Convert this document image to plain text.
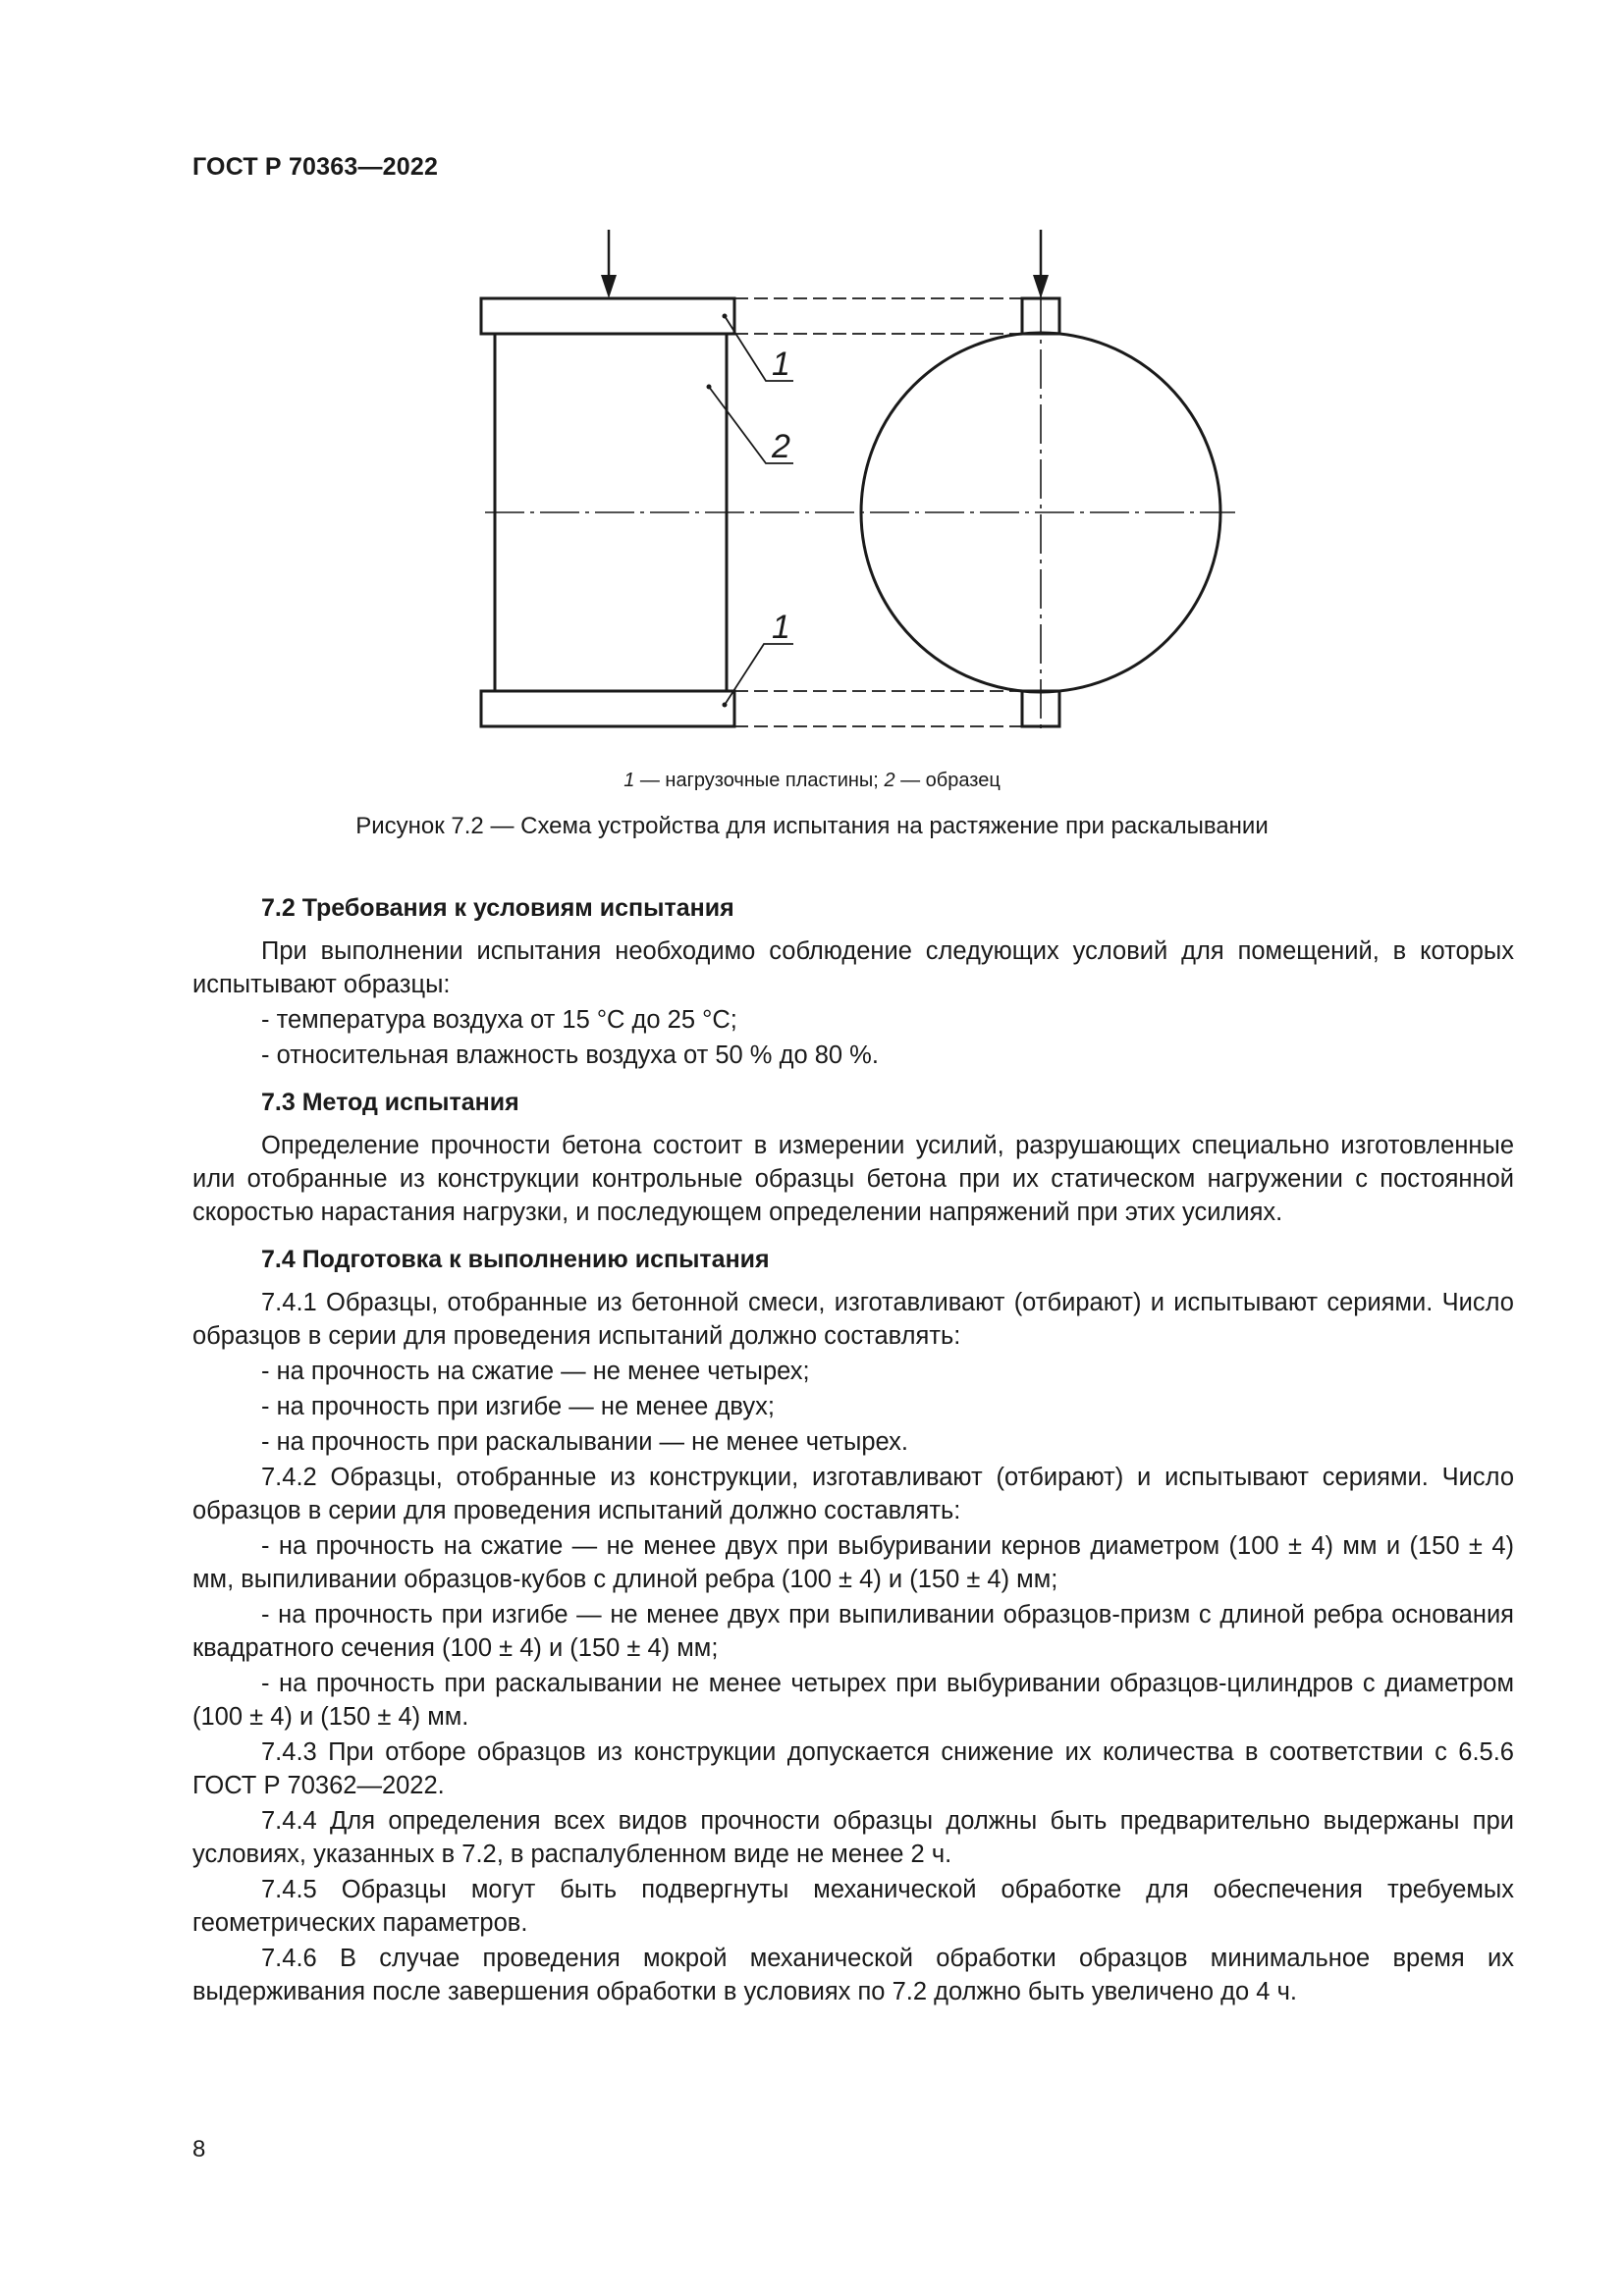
ГОСТ Р 70363—2022
1
2
1
1 — нагрузочные пластины; 2 — образец
Рисунок 7.2 — Схема устройства для испытания на растяжение при раскалывании
7.2 Требования к условиям испытания

При выполнении испытания необходимо соблюдение следующих условий для помещений, в которых испытывают образцы:

- температура воздуха от 15 °С до 25 °С;

- относительная влажность воздуха от 50 % до 80 %.

7.3 Метод испытания

Определение прочности бетона состоит в измерении усилий, разрушающих специально изготовленные или отобранные из конструкции контрольные образцы бетона при их статическом нагружении с постоянной скоростью нарастания нагрузки, и последующем определении напряжений при этих усилиях.

7.4 Подготовка к выполнению испытания

7.4.1 Образцы, отобранные из бетонной смеси, изготавливают (отбирают) и испытывают сериями. Число образцов в серии для проведения испытаний должно составлять:

- на прочность на сжатие — не менее четырех;

- на прочность при изгибе — не менее двух;

- на прочность при раскалывании — не менее четырех.

7.4.2 Образцы, отобранные из конструкции, изготавливают (отбирают) и испытывают сериями. Число образцов в серии для проведения испытаний должно составлять:

- на прочность на сжатие — не менее двух при выбуривании кернов диаметром (100 ± 4) мм и (150 ± 4) мм, выпиливании образцов-кубов с длиной ребра (100 ± 4) и (150 ± 4) мм;

- на прочность при изгибе — не менее двух при выпиливании образцов-призм с длиной ребра основания квадратного сечения (100 ± 4) и (150 ± 4) мм;

- на прочность при раскалывании не менее четырех при выбуривании образцов-цилиндров с диаметром (100 ± 4) и (150 ± 4) мм.

7.4.3 При отборе образцов из конструкции допускается снижение их количества в соответствии с 6.5.6 ГОСТ Р 70362—2022.

7.4.4 Для определения всех видов прочности образцы должны быть предварительно выдержаны при условиях, указанных в 7.2, в распалубленном виде не менее 2 ч.

7.4.5 Образцы могут быть подвергнуты механической обработке для обеспечения требуемых геометрических параметров.

7.4.6 В случае проведения мокрой механической обработки образцов минимальное время их выдерживания после завершения обработки в условиях по 7.2 должно быть увеличено до 4 ч.

8
